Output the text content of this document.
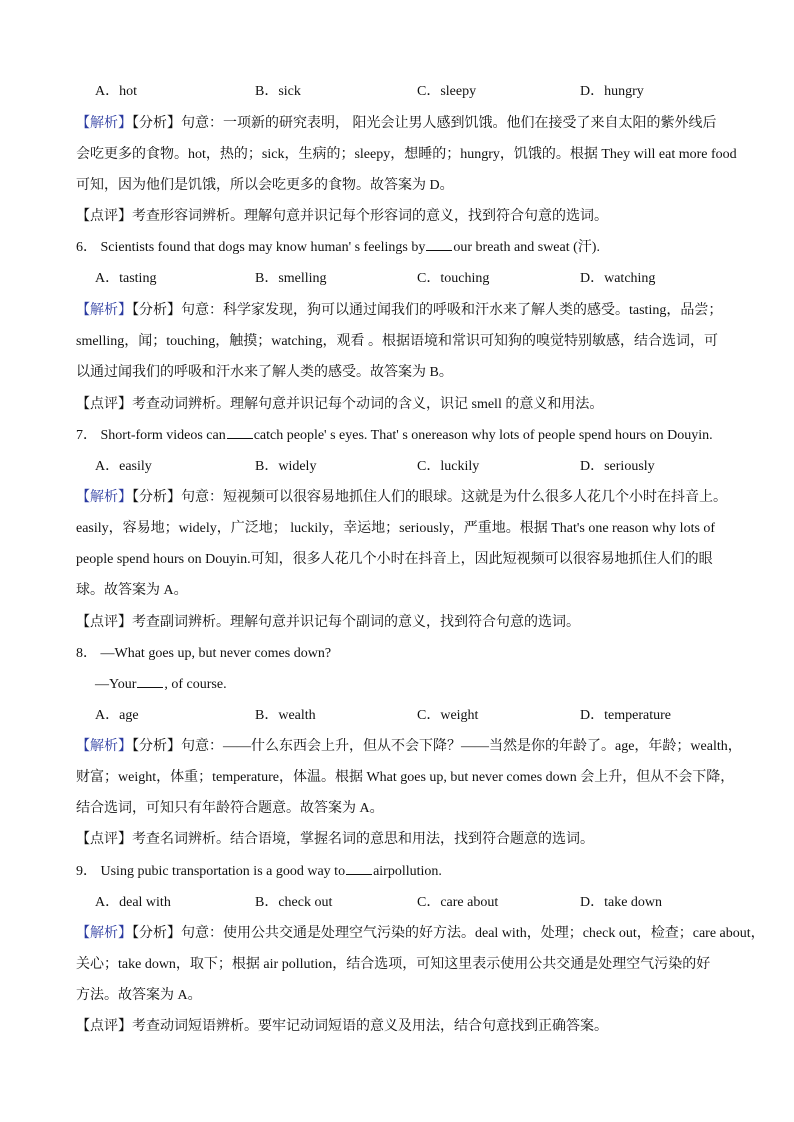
A．hot	B．sick	C．sleepy	D．hungry
【解析】【分析】句意：一项新的研究表明， 阳光会让男人感到饥饿。他们在接受了来自太阳的紫外线后
会吃更多的食物。hot，热的；sick，生病的；sleepy，想睡的；hungry，饥饿的。根据 They will eat more food
可知，因为他们是饥饿，所以会吃更多的食物。故答案为 D。
【点评】考查形容词辨析。理解句意并识记每个形容词的意义，找到符合句意的选词。
6． Scientists found that dogs may know human' s feelings by our breath and sweat (汗).
A．tasting	B．smelling	C．touching	D．watching
【解析】【分析】句意：科学家发现，狗可以通过闻我们的呼吸和汗水来了解人类的感受。tasting，品尝；
smelling，闻；touching，触摸；watching，观看 。根据语境和常识可知狗的嗅觉特别敏感，结合选词，可
以通过闻我们的呼吸和汗水来了解人类的感受。故答案为 B。
【点评】考查动词辨析。理解句意并识记每个动词的含义，识记 smell 的意义和用法。
7． Short-form videos can catch people' s eyes. That' s onereason why lots of people spend hours on Douyin.
A．easily	B．widely	C．luckily	D．seriously
【解析】【分析】句意：短视频可以很容易地抓住人们的眼球。这就是为什么很多人花几个小时在抖音上。
easily，容易地；widely，广泛地； luckily，幸运地；seriously，严重地。根据 That's one reason why lots of
people spend hours on Douyin.可知，很多人花几个小时在抖音上，因此短视频可以很容易地抓住人们的眼
球。故答案为 A。
【点评】考查副词辨析。理解句意并识记每个副词的意义，找到符合句意的选词。
8． —What goes up, but never comes down?
—Your , of course.
A．age	B．wealth	C．weight	D．temperature
【解析】【分析】句意：——什么东西会上升，但从不会下降？——当然是你的年龄了。age，年龄；wealth，
财富；weight，体重；temperature，体温。根据 What goes up, but never comes down 会上升，但从不会下降，
结合选词，可知只有年龄符合题意。故答案为 A。
【点评】考查名词辨析。结合语境，掌握名词的意思和用法，找到符合题意的选词。
9． Using pubic transportation is a good way to airpollution.
A．deal with	B．check out	C．care about	D．take down
【解析】【分析】句意：使用公共交通是处理空气污染的好方法。deal with，处理；check out，检查；care about，
关心；take down，取下；根据 air pollution，结合选项，可知这里表示使用公共交通是处理空气污染的好
方法。故答案为 A。
【点评】考查动词短语辨析。要牢记动词短语的意义及用法，结合句意找到正确答案。
